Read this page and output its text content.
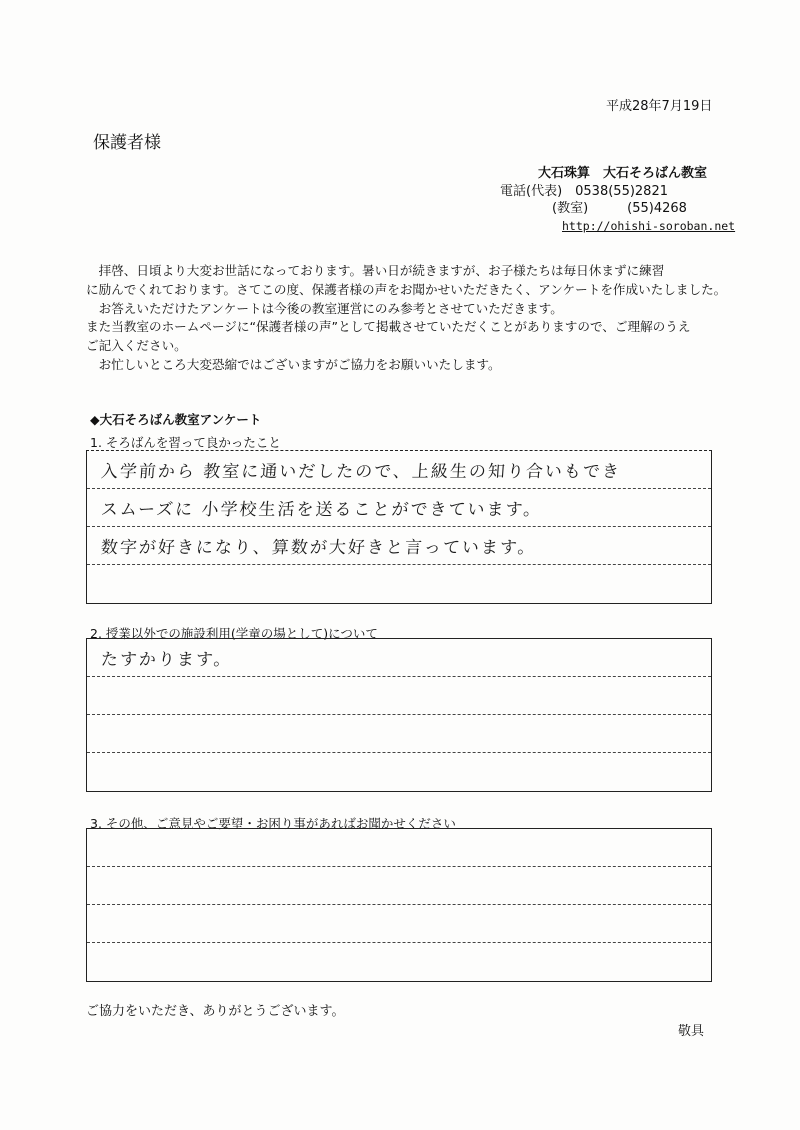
平成28年7月19日
保護者様
大石珠算　大石そろばん教室
電話(代表)　0538(55)2821
(教室)　　　(55)4268
http://ohishi-soroban.net
　拝啓、日頃より大変お世話になっております。暑い日が続きますが、お子様たちは毎日休まずに練習
に励んでくれております。さてこの度、保護者様の声をお聞かせいただきたく、アンケートを作成いたしました。
　お答えいただけたアンケートは今後の教室運営にのみ参考とさせていただきます。
また当教室のホームページに“保護者様の声”として掲載させていただくことがありますので、ご理解のうえ
ご記入ください。
　お忙しいところ大変恐縮ではございますがご協力をお願いいたします。
◆大石そろばん教室アンケート
1. そろばんを習って良かったこと
入学前から 教室に通いだしたので、上級生の知り合いもでき
スムーズに 小学校生活を送ることができています。
数字が好きになり、算数が大好きと言っています。
2. 授業以外での施設利用(学童の場として)について
たすかります。
3. その他、ご意見やご要望・お困り事があればお聞かせください
ご協力をいただき、ありがとうございます。
敬具
